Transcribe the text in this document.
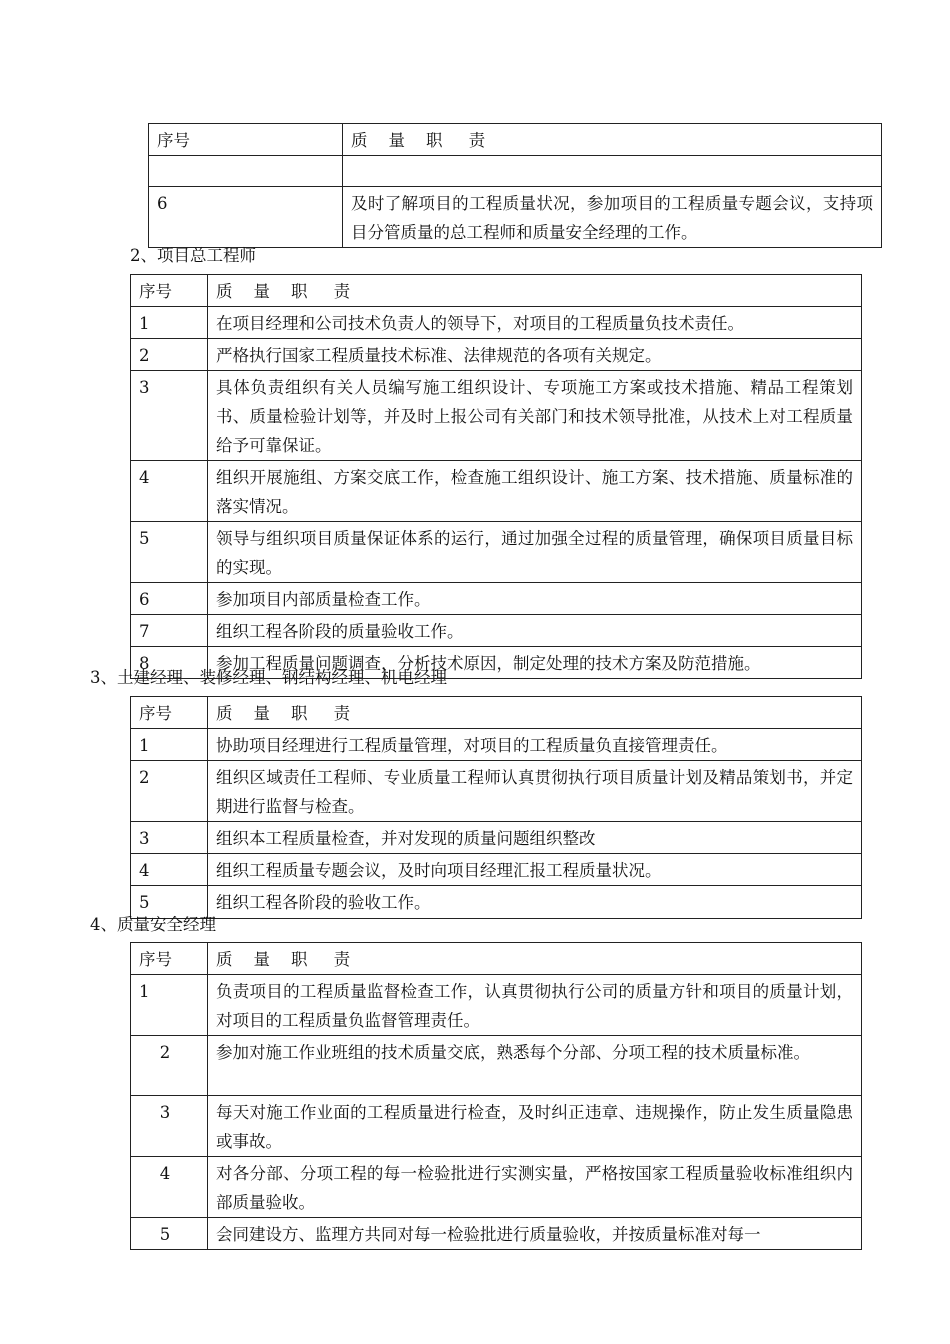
序号	质    量    职     责

6	及时了解项目的工程质量状况，参加项目的工程质量专题会议，支持项目分管质量的总工程师和质量安全经理的工作。
2、项目总工程师
序号	质    量    职     责
1	在项目经理和公司技术负责人的领导下，对项目的工程质量负技术责任。
2	严格执行国家工程质量技术标准、法律规范的各项有关规定。
3	具体负责组织有关人员编写施工组织设计、专项施工方案或技术措施、精品工程策划书、质量检验计划等，并及时上报公司有关部门和技术领导批准，从技术上对工程质量给予可靠保证。
4	组织开展施组、方案交底工作，检查施工组织设计、施工方案、技术措施、质量标准的落实情况。
5	领导与组织项目质量保证体系的运行，通过加强全过程的质量管理，确保项目质量目标的实现。
6	参加项目内部质量检查工作。
7	组织工程各阶段的质量验收工作。
8	参加工程质量问题调查，分析技术原因，制定处理的技术方案及防范措施。
3、土建经理、装修经理、钢结构经理、机电经理
序号	质    量    职     责
1	协助项目经理进行工程质量管理，对项目的工程质量负直接管理责任。
2	组织区域责任工程师、专业质量工程师认真贯彻执行项目质量计划及精品策划书，并定期进行监督与检查。
3	组织本工程质量检查，并对发现的质量问题组织整改
4	组织工程质量专题会议，及时向项目经理汇报工程质量状况。
5	组织工程各阶段的验收工作。
4、质量安全经理
序号	质    量    职     责
1	负责项目的工程质量监督检查工作，认真贯彻执行公司的质量方针和项目的质量计划，对项目的工程质量负监督管理责任。
2	参加对施工作业班组的技术质量交底，熟悉每个分部、分项工程的技术质量标准。
3	每天对施工作业面的工程质量进行检查，及时纠正违章、违规操作，防止发生质量隐患或事故。
4	对各分部、分项工程的每一检验批进行实测实量，严格按国家工程质量验收标准组织内部质量验收。
5	会同建设方、监理方共同对每一检验批进行质量验收，并按质量标准对每一
